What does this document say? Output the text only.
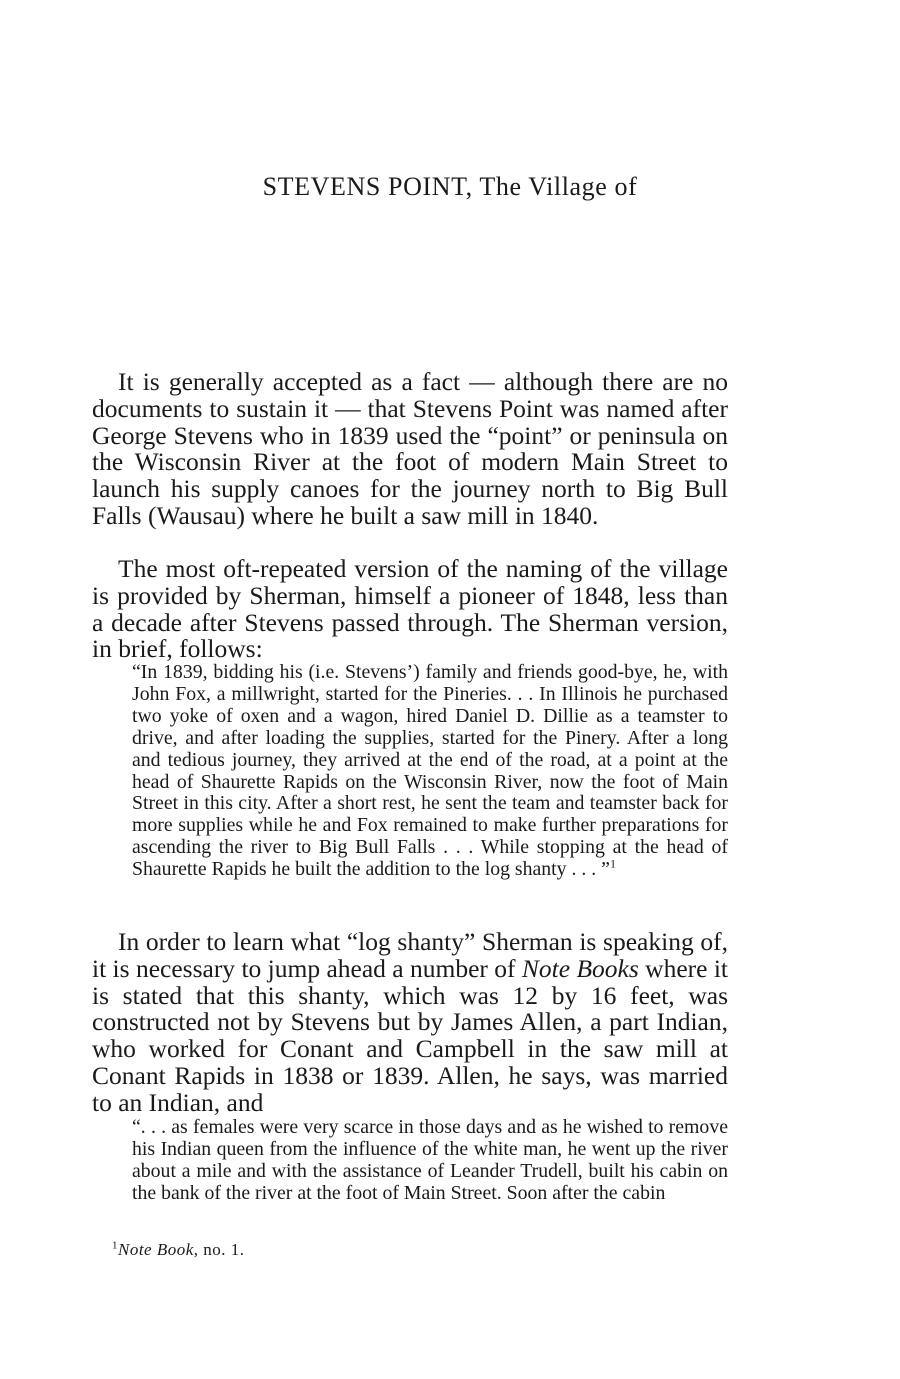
STEVENS POINT, The Village of

It is generally accepted as a fact — although there are no documents to sustain it — that Stevens Point was named after George Stevens who in 1839 used the “point” or peninsula on the Wisconsin River at the foot of modern Main Street to launch his supply canoes for the journey north to Big Bull Falls (Wausau) where he built a saw mill in 1840.

The most oft-repeated version of the naming of the village is provided by Sherman, himself a pioneer of 1848, less than a decade after Stevens passed through. The Sherman version, in brief, follows:

“In 1839, bidding his (i.e. Stevens’) family and friends good-bye, he, with John Fox, a millwright, started for the Pineries. . . In Illinois he purchased two yoke of oxen and a wagon, hired Daniel D. Dillie as a teamster to drive, and after loading the supplies, started for the Pinery. After a long and tedious journey, they arrived at the end of the road, at a point at the head of Shaurette Rapids on the Wisconsin River, now the foot of Main Street in this city. After a short rest, he sent the team and teamster back for more supplies while he and Fox remained to make further preparations for ascending the river to Big Bull Falls . . . While stopping at the head of Shaurette Rapids he built the addition to the log shanty . . . ”$^1$

In order to learn what “log shanty” Sherman is speaking of, it is necessary to jump ahead a number of Note Books where it is stated that this shanty, which was 12 by 16 feet, was constructed not by Stevens but by James Allen, a part Indian, who worked for Conant and Campbell in the saw mill at Conant Rapids in 1838 or 1839. Allen, he says, was married to an Indian, and

“. . . as females were very scarce in those days and as he wished to remove his Indian queen from the influence of the white man, he went up the river about a mile and with the assistance of Leander Trudell, built his cabin on the bank of the river at the foot of Main Street. Soon after the cabin

$^1$Note Book, no. 1.
